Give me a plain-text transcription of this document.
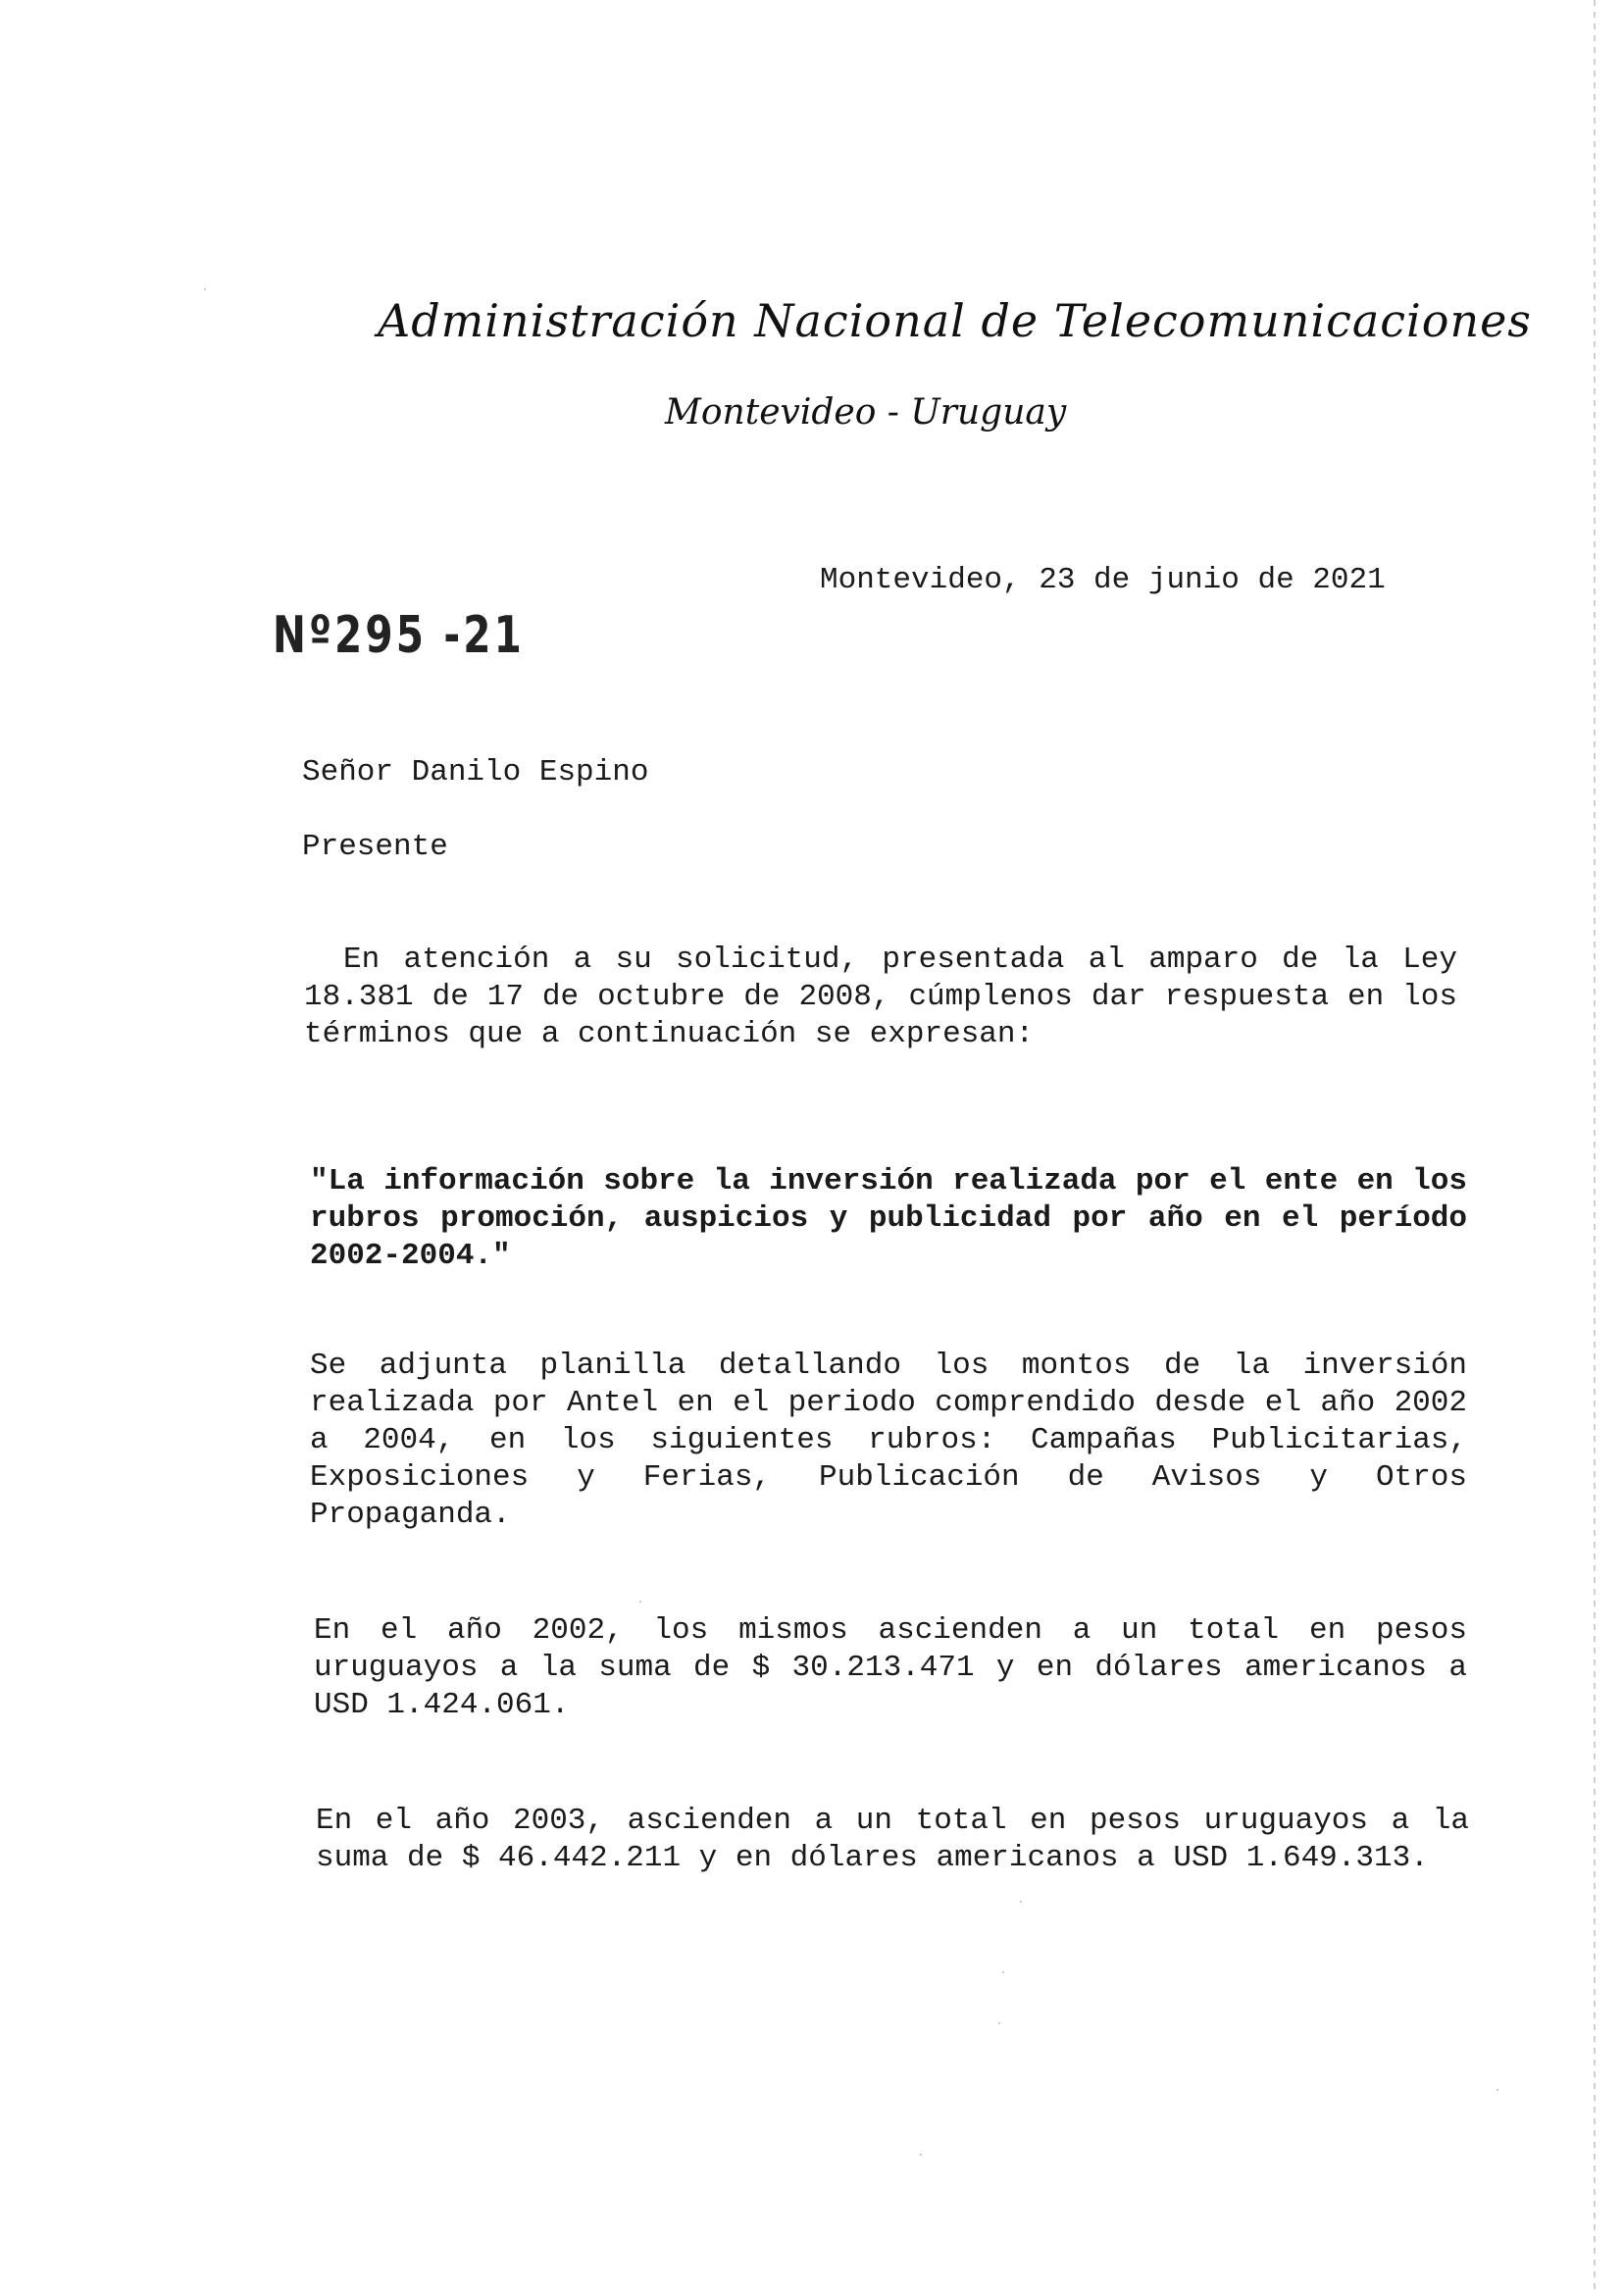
Administración Nacional de Telecomunicaciones
Montevideo - Uruguay
Montevideo, 23 de junio de 2021
Nº295 -21
Señor Danilo Espino
Presente
En atención a su solicitud, presentada al amparo de la Ley 18.381 de 17 de octubre de 2008, cúmplenos dar respuesta en los términos que a continuación se expresan:
"La información sobre la inversión realizada por el ente en los rubros promoción, auspicios y publicidad por año en el período 2002-2004."
Se adjunta planilla detallando los montos de la inversión realizada por Antel en el periodo comprendido desde el año 2002 a 2004, en los siguientes rubros: Campañas Publicitarias, Exposiciones y Ferias, Publicación de Avisos y Otros Propaganda.
En el año 2002, los mismos ascienden a un total en pesos uruguayos a la suma de $ 30.213.471 y en dólares americanos a USD 1.424.061.
En el año 2003, ascienden a un total en pesos uruguayos a la suma de $ 46.442.211 y en dólares americanos a USD 1.649.313.
